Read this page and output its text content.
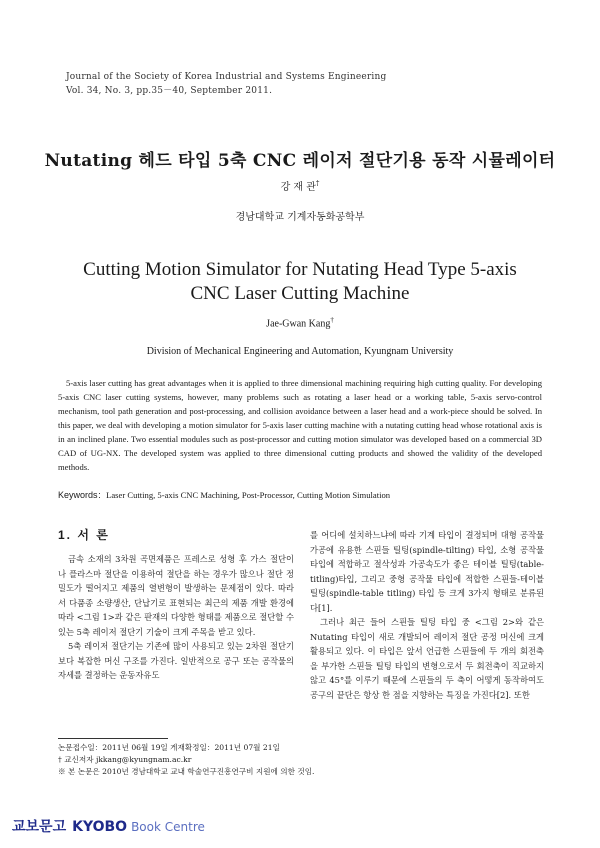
Journal of the Society of Korea Industrial and Systems Engineering
Vol. 34, No. 3, pp.35－40, September 2011.
Nutating 헤드 타입 5축 CNC 레이저 절단기용 동작 시뮬레이터
강 재 관†
경남대학교 기계자동화공학부
Cutting Motion Simulator for Nutating Head Type 5-axis
CNC Laser Cutting Machine
Jae-Gwan Kang†
Division of Mechanical Engineering and Automation, Kyungnam University
5-axis laser cutting has great advantages when it is applied to three dimensional machining requiring high cutting quality. For developing 5-axis CNC laser cutting systems, however, many problems such as rotating a laser head or a working table, 5-axis servo-control mechanism, tool path generation and post-processing, and collision avoidance between a laser head and a work-piece should be solved. In this paper, we deal with developing a motion simulator for 5-axis laser cutting machine with a nutating cutting head whose rotational axis is in an inclined plane. Two essential modules such as post-processor and cutting motion simulator was developed based on a commercial 3D CAD of UG-NX. The developed system was applied to three dimensional cutting products and showed the validity of the developed methods.
Keywords：Laser Cutting, 5-axis CNC Machining, Post-Processor, Cutting Motion Simulation
1. 서 론

금속 소재의 3차원 곡면제품은 프레스로 성형 후 가스 절단이나 플라스마 절단을 이용하여 절단을 하는 경우가 많으나 절단 정밀도가 떨어지고 제품의 열변형이 발생하는 문제점이 있다. 따라서 다품종 소량생산, 단납기로 표현되는 최근의 제품 개발 환경에 따라 <그림 1>과 같은 판재의 다양한 형태를 제품으로 절단할 수 있는 5축 레이저 절단기 기술이 크게 주목을 받고 있다.

5축 레이저 절단기는 기존에 많이 사용되고 있는 2차원 절단기보다 복잡한 머신 구조를 가진다. 일반적으로 공구 또는 공작물의 자세를 결정하는 운동자유도

를 어디에 설치하느냐에 따라 기계 타입이 결정되며 대형 공작물 가공에 유용한 스핀들 틸팅(spindle-tilting) 타입, 소형 공작물 타입에 적합하고 절삭성과 가공속도가 좋은 테이블 틸팅(table-titling)타입, 그리고 중형 공작물 타입에 적합한 스핀들-테이블 틸팅(spindle-table titling) 타입 등 크게 3가지 형태로 분류된다[1].

그러나 최근 들어 스핀들 틸팅 타입 중 <그림 2>와 같은 Nutating 타입이 새로 개발되어 레이저 절단 공정 머신에 크게 활용되고 있다. 이 타입은 앞서 언급한 스핀들에 두 개의 회전축을 부가한 스핀들 틸팅 타입의 변형으로서 두 회전축이 직교하지 않고 45°를 이루기 때문에 스핀들의 두 축이 어떻게 동작하여도 공구의 끝단은 항상 한 점을 지향하는 특징을 가진다[2]. 또한

논문접수일：2011년 06월 19일 게재확정일：2011년 07월 21일
† 교신저자 jkkang@kyungnam.ac.kr
※ 본 논문은 2010년 경남대학교 교내 학술연구진흥연구비 지원에 의한 것임.
교보문고 KYOBO Book Centre
